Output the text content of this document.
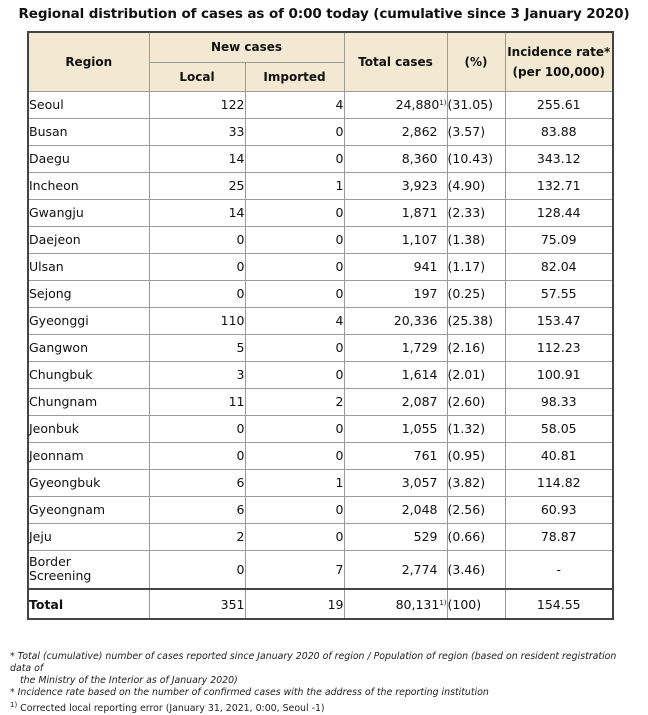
Regional distribution of cases as of 0:00 today (cumulative since 3 January 2020)
Region	New cases		Total cases	(%)	Incidence rate*
(per 100,000)

	Local	Imported			
Seoul	122	4	24,880$^{1)}$	(31.05)	255.61
Busan	33	0	2,862	(3.57)	83.88
Daegu	14	0	8,360	(10.43)	343.12
Incheon	25	1	3,923	(4.90)	132.71
Gwangju	14	0	1,871	(2.33)	128.44
Daejeon	0	0	1,107	(1.38)	75.09
Ulsan	0	0	941	(1.17)	82.04
Sejong	0	0	197	(0.25)	57.55
Gyeonggi	110	4	20,336	(25.38)	153.47
Gangwon	5	0	1,729	(2.16)	112.23
Chungbuk	3	0	1,614	(2.01)	100.91
Chungnam	11	2	2,087	(2.60)	98.33
Jeonbuk	0	0	1,055	(1.32)	58.05
Jeonnam	0	0	761	(0.95)	40.81
Gyeongbuk	6	1	3,057	(3.82)	114.82
Gyeongnam	6	0	2,048	(2.56)	60.93
Jeju	2	0	529	(0.66)	78.87

Border
Screening	0	7	2,774	(3.46)	-
Total	351	19	80,131$^{1)}$	(100)	154.55
* Total (cumulative) number of cases reported since January 2020 of region / Population of region (based on resident registration data of
the Ministry of the Interior as of January 2020)
* Incidence rate based on the number of confirmed cases with the address of the reporting institution
$^{1)}$ Corrected local reporting error (January 31, 2021, 0:00, Seoul -1)
